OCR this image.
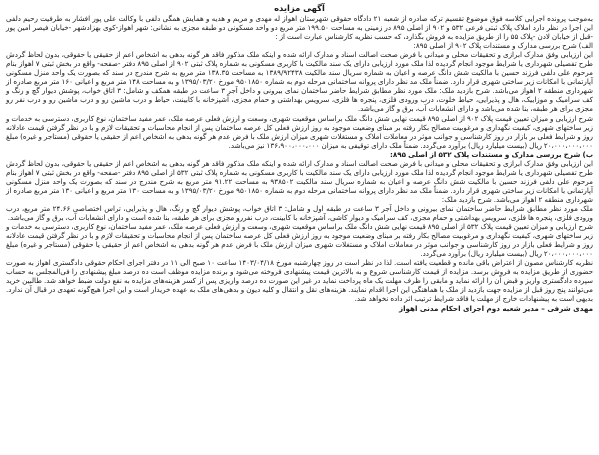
آگهی مزایده

به‌موجب پرونده اجرایی کلاسه فوق موضوع تقسیم ترکه صادره از شعبه ۲۱ دادگاه حقوقی شهرستان اهواز له مهدی و مریم و هدیه و همایش همگی دلفی با وکالت علی پور افشار به طرفیت رحیم دلفی این اجرا در نظر دارد املاک پلاک ثبتی فرعی ۵۳۲ و ۹۰۲ از اصلی ۸۹۵ در زمینی به مساحت ۱۹۹.۵۰ متر مربع دو واحد مسکونی دو طبقه مجزی به نشانی: شهر اهواز-کوی بهزادشهر -خیابان فیصر امین پور -قبل از خیابان لادن -پلاک ۵۵ را از طریق مزایده به فروش بگذارد، که حسب نظریه کارشناس عبارت است از :

الف) شرح بررسی مدارک و مستندات پلاک ۹۰۲ از اصلی ۸۹۵:

این ارزیابی وفق مدارک ابرازی و تحقیقات محلی و میدانی با فرض صحت اصالت اسناد و مدارک ارائه شده و اینکه ملک مذکور فاقد هر گونه بدهی به اشخاص اعم از حقیقی یا حقوقی، بدون لحاظ گردش طرح تفصیلی شهرداری یا شرایط موجود انجام گردیده لذا ملک مورد ارزیابی دارای یک سند مالکیت با کاربری مسکونی به شماره پلاک ثبتی ۹۰۲ از اصلی ۸۹۵ دفتر -صفحه- واقع در بخش ثبتی ۷ اهواز بنام مرحوم علی دلفی فرزند حسین با مالکیت شش دانگ عرصه و اعیان به شماره سریال سند مالکیت ۱۳۸۹/۹۲۴۳۸ به مساحت ۱۳۸.۳۵ متر مربع به شرح مندرج در سند که بصورت یک واحد منزل مسکونی آپارتمانی با امکانات زیر ساختی شهری قرار دارد. ضمناً ملک مد نظر دارای پروانه ساختمانی مرحله دوم به شماره ۹۵۰۱۸۵۰ مورخ ۱۳۹۵/۰۳/۲۰ و به مساحت ۱۴۸ متر مربع و اعیانی ۱۶۰ متر مربع صادره از شهرداری منطقه ۲ اهواز می‌باشد. شرح بازدید ملک: ملک مورد نظر مطابق شرایط حاضر ساختمان نمای بیرونی و داخل آجر ۳ ساعت در طبقه همکف و شامل: ۳ اتاق خواب، پوشش دیوار گچ و رنگ و کف سرامیک و موزاییک، هال و پذیرایی، حیاط خلوت، درب ورودی فلزی، پنجره ها فلزی، سرویس بهداشتی و حمام مجزی، آشپزخانه با کابینت، حیاط و درب ماشین رو و درب ماشین رو و درب نفر رو مجزی برای هر طبقه، بنا شده می‌باشد و دارای انشعابات آب، برق و گاز می‌باشد.

شرح ارزیابی و میزان تعیین قیمت پلاک ۹۰۲ از اصلی ۸۹۵ قیمت نهایی شش دانگ ملک براساس موقعیت شهری، وسعت و ارزش فعلی عرصه ملک، عمر مفید ساختمان، نوع کاربری، دسترسی به خدمات و زیر ساختهای شهری، کیفیت نگهداری و مرغوبیت مصالح بکار رفته بر مبنای وضعیت موجود به روز ارزش فعلی کل عرصه ساختمان پس از انجام محاسبات و تحقیقات لازم و با در نظر گرفتن قیمت عادلانه روز و شرایط فعلی بر بازار در روز کارشناسی و جوانب موثر در معاملات املاک و مستغلات شهری میزان ارزش ملک با فرض عدم هر گونه بدهی به اشخاص اعم از حقیقی یا حقوقی (مستاجر و غیره) مبلغ ۲۰،۰۰۰،۰۰۰،۰۰۰ ریال (بیست میلیارد ریال) برآورد می‌گردد. ضمناً ملک دارای توقیفی به میزان ۱۳۶،۹۰۰،۰۰۰،۰۰۰ نیز می‌باشد.

ب) شرح بررسی مدارک و مستندات پلاک ۵۳۲ از اصلی ۸۹۵:

این ارزیابی وفق مدارک ابرازی و تحقیقات محلی و میدانی با فرض صحت اصالت اسناد و مدارک ارائه شده و اینکه ملک مذکور فاقد هر گونه بدهی به اشخاص اعم از حقیقی یا حقوقی، بدون لحاظ گردش طرح تفصیلی شهرداری یا شرایط موجود انجام گردیده لذا ملک مورد ارزیابی دارای یک سند مالکیت با کاربری مسکونی به شماره پلاک ثبتی ۵۳۲ از اصلی ۸۹۵ دفتر -صفحه- واقع در بخش ثبتی ۷ اهواز بنام مرحوم علی دلفی فرزند حسین با مالکیت شش دانگ عرصه و اعیان به شماره سریال سند مالکیت ۹۳۸۵۰۲ به مساحت ۹۱.۲۲ متر مربع به شرح مندرج در سند که بصورت یک واحد منزل مسکونی آپارتمانی با امکانات زیر ساختی شهری قرار دارد. ضمناً ملک مد نظر دارای پروانه ساختمانی مرحله دوم به شماره ۹۵۰۱۸۵۰ مورخ ۱۳۹۵/۰۳/۲۰ و به مساحت ۱۳۰ متر مربع و اعیانی ۱۳۰ متر مربع صادره از شهرداری منطقه ۲ اهواز می‌باشد. شرح بازدید ملک:

ملک مورد نظر مطابق شرایط حاضر ساختمان نمای بیرونی و داخل آجر ۳ ساعت در طبقه اول و شامل: ۳ اتاق خواب، پوشش دیوار گچ و رنگ، هال و پذیرایی، تراس اختصاصی ۲۴.۶۶ متر مربع، درب ورودی فلزی، پنجره ها فلزی، سرویس بهداشتی و حمام مجزی، کف سرامیک و دیوار کاشی، آشپزخانه با کابینت، درب نفررو مجزی برای هر طبقه، بنا شده است و دارای انشعابات آب، برق و گاز می‌باشد.

شرح ارزیابی و میزان تعیین قیمت پلاک ۵۳۲ از اصلی ۸۹۵ قیمت نهایی شش دانگ ملک براساس موقعیت شهری، وسعت و ارزش فعلی عرصه ملک، عمر مفید ساختمان، نوع کاربری، دسترسی به خدمات و زیر ساختهای شهری، کیفیت نگهداری و مرغوبیت مصالح بکار رفته بر مبنای وضعیت موجود به روز ارزش فعلی کل عرصه ساختمان پس از انجام محاسبات و تحقیقات لازم و با در نظر گرفتن قیمت عادلانه روز و شرایط فعلی بازار در روز کارشناسی و جوانب موثر در معاملات املاک و مستغلات شهری میزان ارزش ملک با فرض عدم هر گونه بدهی به اشخاص اعم از حقیقی یا حقوقی (مستاجر و غیره) مبلغ ۲۰،۰۰۰،۰۰۰،۰۰۰ ریال (بیست میلیارد ریال) برآورد می‌گردد.

نظریه کارشناس مصون از اعتراض باقی مانده و قطعیت یافته است. لذا در نظر است در روز چهارشنبه مورخ ۱۴۰۳/۰۴/۱۸ ساعت ۱۰ صبح الی ۱۱ در دفتر اجرای احکام حقوقی دادگستری اهواز به صورت حضوری از طریق مزایده به فروش برسد. مزایده از قیمت کارشناسی شروع و به بالاترین قیمت پیشنهادی فروخته می‌شود و برنده مزایده موظف است ده درصد مبلغ پیشنهادی را فی‌المجلس به حساب سپرده دادگستری واریز و قبض آن را ارائه نماید و مابقی را ظرف مهلت یک ماه پرداخت نماید در غیر این صورت ده درصد واریزی پس از کسر هزینه‌های مزایده به نفع دولت ضبط خواهد شد. طالبین خرید می‌توانند پنج روز قبل از مزایده جهت بازدید از ملک با هماهنگی این اجرا اقدام نمایند. هزینه‌های نقل و انتقال و کلیه دیون و بدهی‌های ملک به عهده خریدار است و این اجرا هیچ‌گونه تعهدی در قبال آن ندارد. بدیهی است به پیشنهادات خارج از مهلت یا فاقد شرایط ترتیب اثر داده نخواهد شد.

مهدی شرفی – مدیر شعبه دوم اجرای احکام مدنی اهواز
